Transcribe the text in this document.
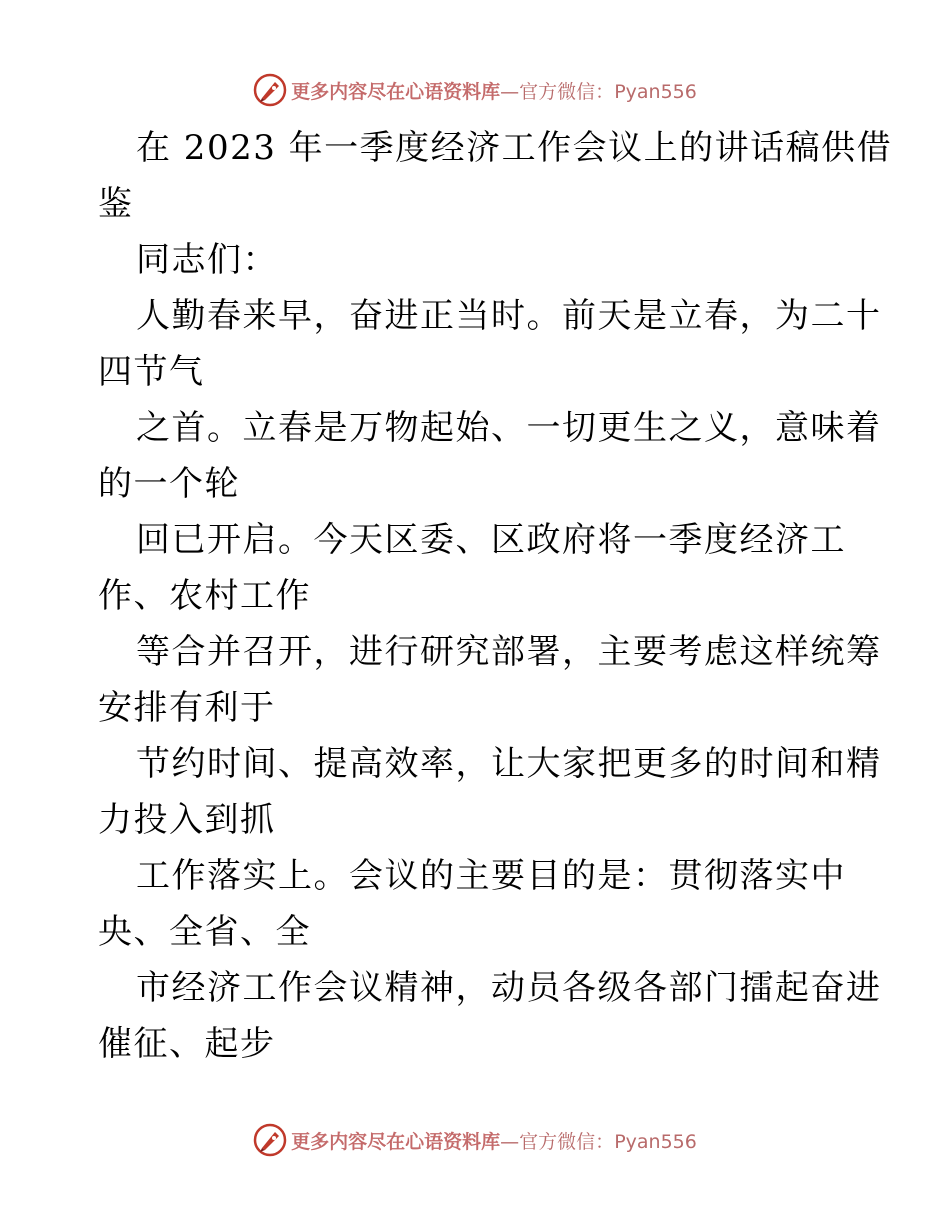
更多内容尽在心语资料库—官方微信：Pyan556

在 2023 年一季度经济工作会议上的讲话稿供借

鉴

同志们：

人勤春来早，奋进正当时。前天是立春，为二十

四节气

之首。立春是万物起始、一切更生之义，意味着

的一个轮

回已开启。今天区委、区政府将一季度经济工

作、农村工作

等合并召开，进行研究部署，主要考虑这样统筹

安排有利于

节约时间、提高效率，让大家把更多的时间和精

力投入到抓

工作落实上。会议的主要目的是：贯彻落实中

央、全省、全

市经济工作会议精神，动员各级各部门擂起奋进

催征、起步

更多内容尽在心语资料库—官方微信：Pyan556
